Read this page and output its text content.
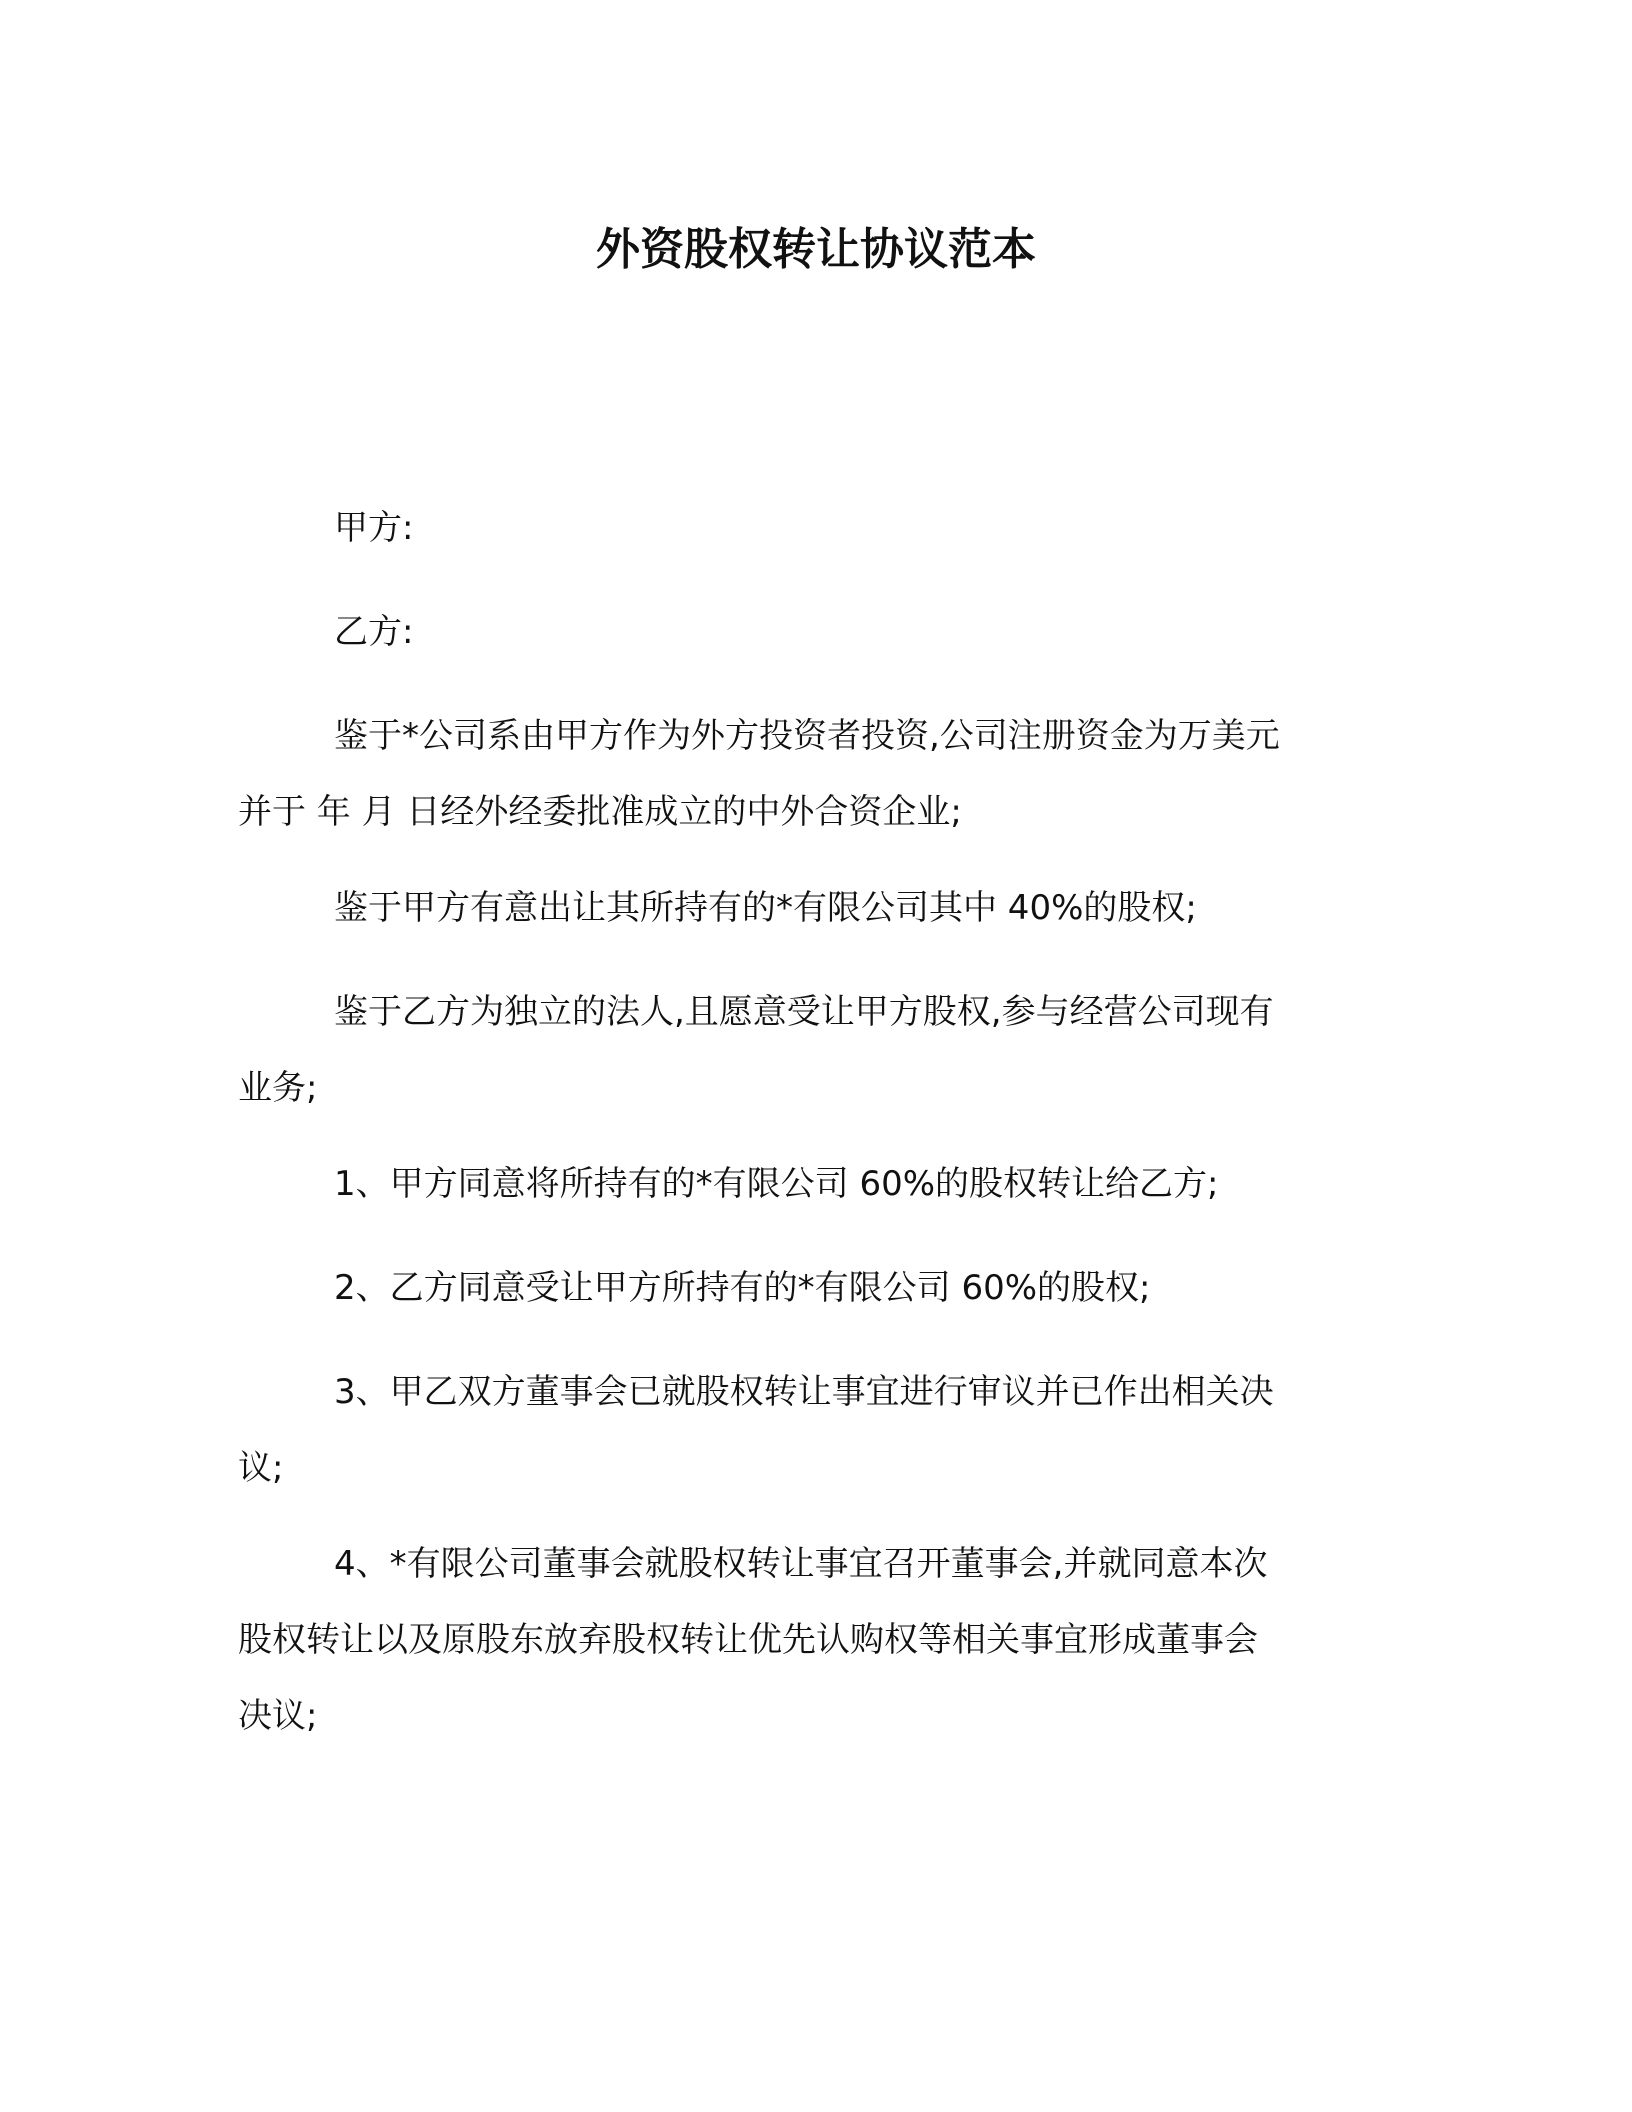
外资股权转让协议范本
甲方:
乙方:
鉴于*公司系由甲方作为外方投资者投资,公司注册资金为万美元
并于 年 月 日经外经委批准成立的中外合资企业;
鉴于甲方有意出让其所持有的*有限公司其中 40%的股权;
鉴于乙方为独立的法人,且愿意受让甲方股权,参与经营公司现有
业务;
1、甲方同意将所持有的*有限公司 60%的股权转让给乙方;
2、乙方同意受让甲方所持有的*有限公司 60%的股权;
3、甲乙双方董事会已就股权转让事宜进行审议并已作出相关决
议;
4、*有限公司董事会就股权转让事宜召开董事会,并就同意本次
股权转让以及原股东放弃股权转让优先认购权等相关事宜形成董事会
决议;
